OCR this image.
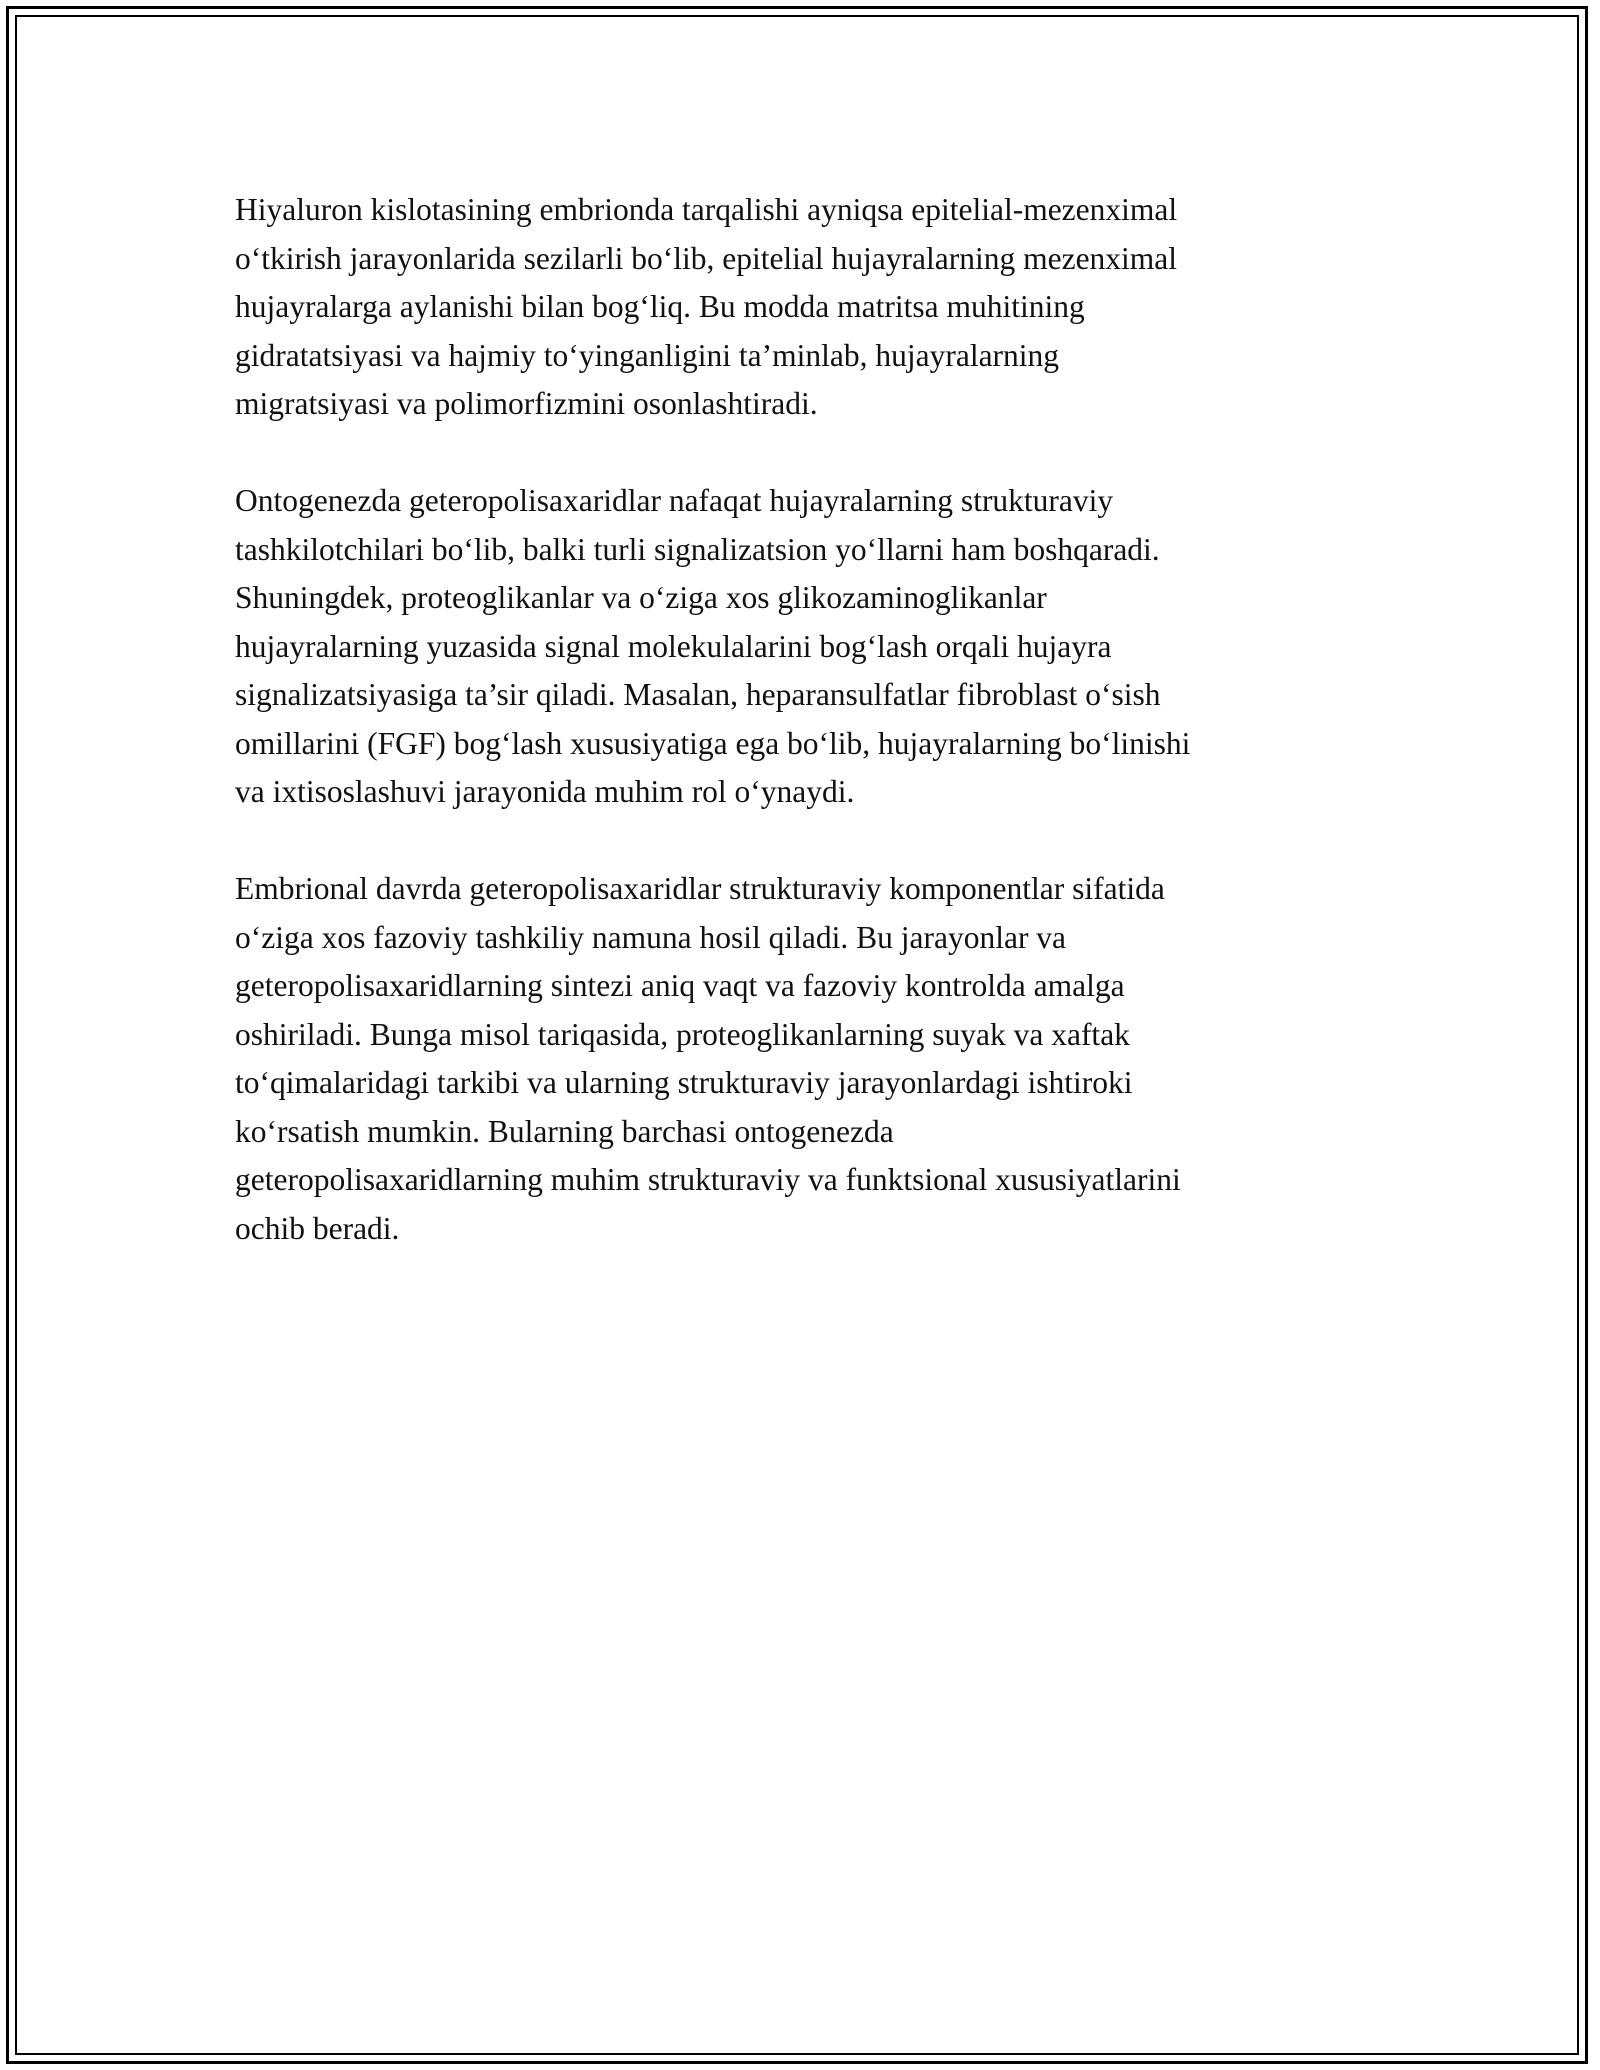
Hiyaluron kislotasining embrionda tarqalishi ayniqsa epitelial-mezenximal
o‘tkirish jarayonlarida sezilarli bo‘lib, epitelial hujayralarning mezenximal
hujayralarga aylanishi bilan bog‘liq. Bu modda matritsa muhitining
gidratatsiyasi va hajmiy to‘yinganligini ta’minlab, hujayralarning
migratsiyasi va polimorfizmini osonlashtiradi.

Ontogenezda geteropolisaxaridlar nafaqat hujayralarning strukturaviy
tashkilotchilari bo‘lib, balki turli signalizatsion yo‘llarni ham boshqaradi.
Shuningdek, proteoglikanlar va o‘ziga xos glikozaminoglikanlar
hujayralarning yuzasida signal molekulalarini bog‘lash orqali hujayra
signalizatsiyasiga ta’sir qiladi. Masalan, heparansulfatlar fibroblast o‘sish
omillarini (FGF) bog‘lash xususiyatiga ega bo‘lib, hujayralarning bo‘linishi
va ixtisoslashuvi jarayonida muhim rol o‘ynaydi.

Embrional davrda geteropolisaxaridlar strukturaviy komponentlar sifatida
o‘ziga xos fazoviy tashkiliy namuna hosil qiladi. Bu jarayonlar va
geteropolisaxaridlarning sintezi aniq vaqt va fazoviy kontrolda amalga
oshiriladi. Bunga misol tariqasida, proteoglikanlarning suyak va xaftak
to‘qimalaridagi tarkibi va ularning strukturaviy jarayonlardagi ishtiroki
ko‘rsatish mumkin. Bularning barchasi ontogenezda
geteropolisaxaridlarning muhim strukturaviy va funktsional xususiyatlarini
ochib beradi.
